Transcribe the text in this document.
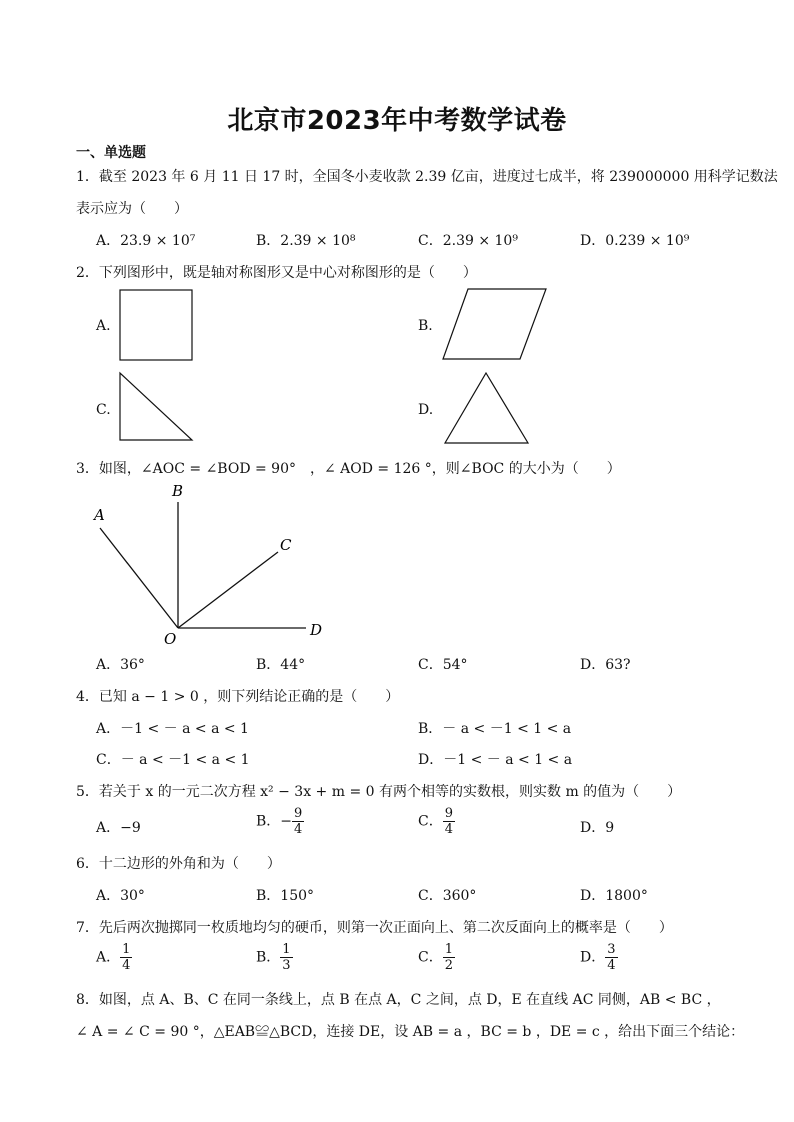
北京市2023年中考数学试卷
一、单选题
1．截至 2023 年 6 月 11 日 17 时，全国冬小麦收款 2.39 亿亩，进度过七成半，将 239000000 用科学记数法
表示应为（　　）
A．23.9 × 10⁷	B．2.39 × 10⁸	C．2.39 × 10⁹	D．0.239 × 10⁹
2．下列图形中，既是轴对称图形又是中心对称图形的是（　　）
A.	B.
C.	D.
3．如图，∠AOC = ∠BOD = 90°　，∠ AOD = 126 °，则∠BOC 的大小为（　　）
A
B
C
D
O
A．36°	B．44°	C．54°	D．63?
4．已知 a − 1 > 0 ，则下列结论正确的是（　　）
A．－1 < － a < a < 1	B．－ a < －1 < 1 < a
C．－ a < －1 < a < 1	D．－1 < － a < 1 < a
5．若关于 x 的一元二次方程 x² − 3x + m = 0 有两个相等的实数根，则实数 m 的值为（　　）
A．−9	B．− $\frac{9}{4}$	C． $\frac{9}{4}$	D．9
6．十二边形的外角和为（　　）
A．30°	B．150°	C．360°	D．1800°
7．先后两次抛掷同一枚质地均匀的硬币，则第一次正面向上、第二次反面向上的概率是（　　）
A． $\frac{1}{4}$	B． $\frac{1}{3}$	C． $\frac{1}{2}$	D． $\frac{3}{4}$
8．如图，点 A、B、C 在同一条线上，点 B 在点 A，C 之间，点 D，E 在直线 AC 同侧，AB < BC ，
∠ A = ∠ C = 90 °，△EAB≌△BCD，连接 DE，设 AB = a ，BC = b ，DE = c ，给出下面三个结论：
